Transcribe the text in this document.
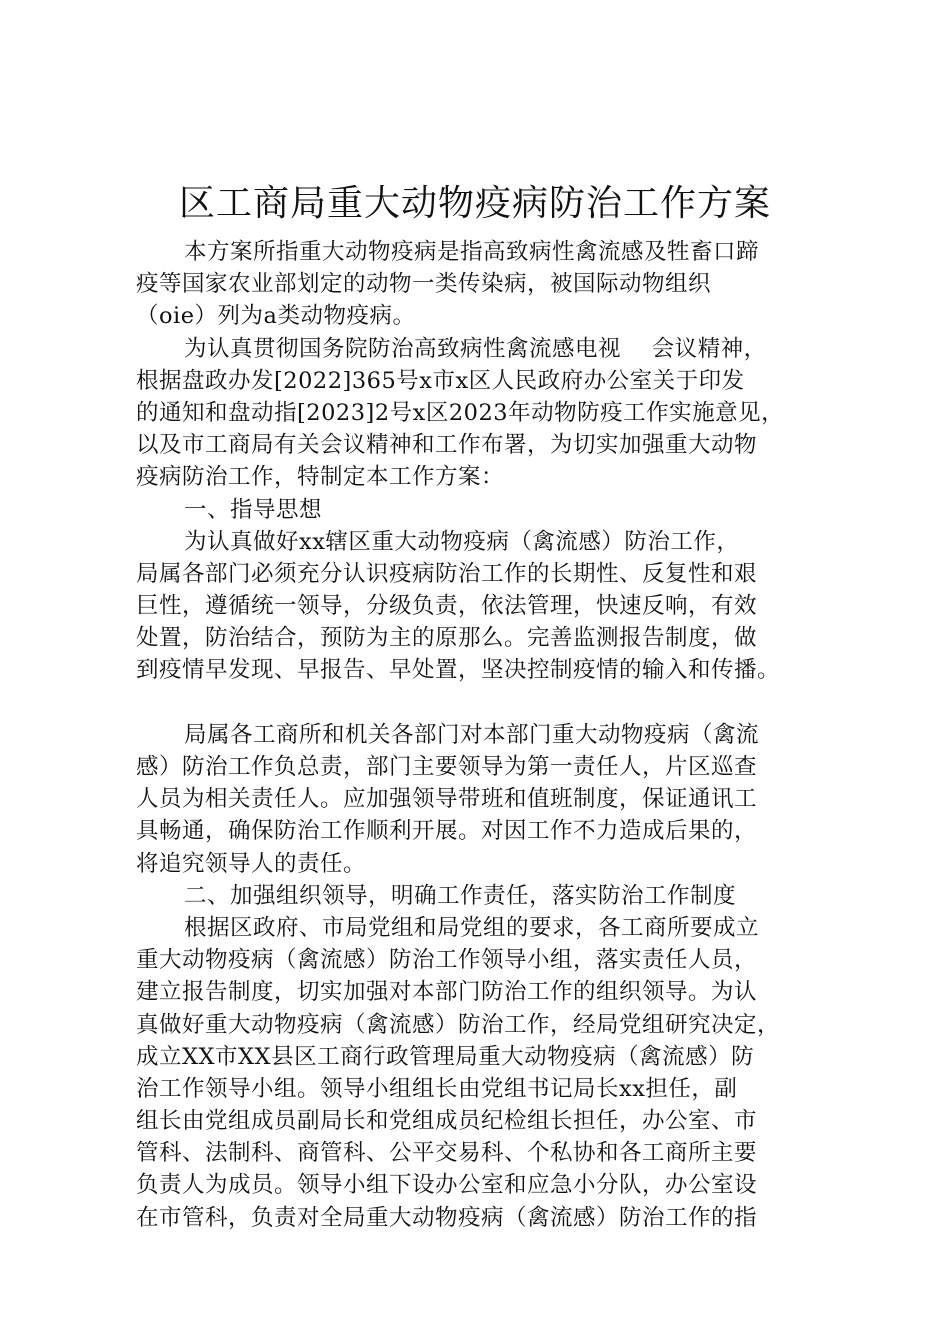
区工商局重大动物疫病防治工作方案
本方案所指重大动物疫病是指高致病性禽流感及牲畜口蹄
疫等国家农业部划定的动物一类传染病，被国际动物组织
（oie）列为a类动物疫病。
为认真贯彻国务院防治高致病性禽流感电视　 会议精神，
根据盘政办发[2022]365号x市x区人民政府办公室关于印发
的通知和盘动指[2023]2号x区2023年动物防疫工作实施意见，
以及市工商局有关会议精神和工作布署，为切实加强重大动物
疫病防治工作，特制定本工作方案：
一、指导思想
为认真做好xx辖区重大动物疫病（禽流感）防治工作，
局属各部门必须充分认识疫病防治工作的长期性、反复性和艰
巨性，遵循统一领导，分级负责，依法管理，快速反响，有效
处置，防治结合，预防为主的原那么。完善监测报告制度，做
到疫情早发现、早报告、早处置，坚决控制疫情的输入和传播。
局属各工商所和机关各部门对本部门重大动物疫病（禽流
感）防治工作负总责，部门主要领导为第一责任人，片区巡查
人员为相关责任人。应加强领导带班和值班制度，保证通讯工
具畅通，确保防治工作顺利开展。对因工作不力造成后果的，
将追究领导人的责任。
二、加强组织领导，明确工作责任，落实防治工作制度
根据区政府、市局党组和局党组的要求，各工商所要成立
重大动物疫病（禽流感）防治工作领导小组，落实责任人员，
建立报告制度，切实加强对本部门防治工作的组织领导。为认
真做好重大动物疫病（禽流感）防治工作，经局党组研究决定，
成立XX市XX县区工商行政管理局重大动物疫病（禽流感）防
治工作领导小组。领导小组组长由党组书记局长xx担任，副
组长由党组成员副局长和党组成员纪检组长担任，办公室、市
管科、法制科、商管科、公平交易科、个私协和各工商所主要
负责人为成员。领导小组下设办公室和应急小分队，办公室设
在市管科，负责对全局重大动物疫病（禽流感）防治工作的指
